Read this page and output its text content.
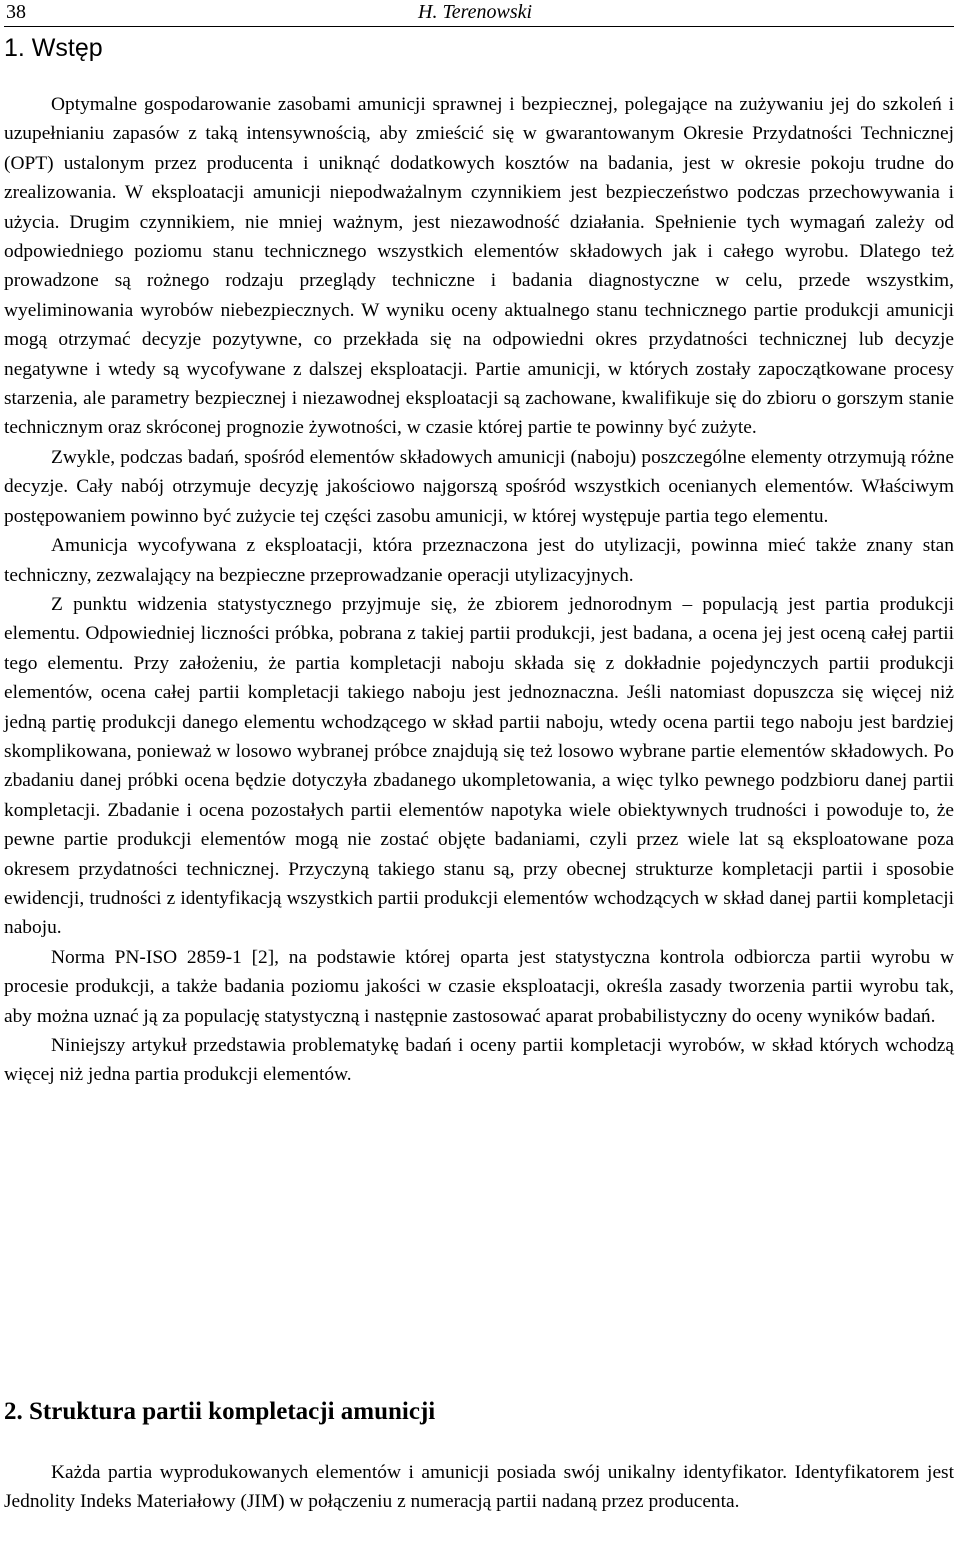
38	H. Terenowski
1. Wstęp

Optymalne gospodarowanie zasobami amunicji sprawnej i bezpiecznej, polegające na zużywaniu jej do szkoleń i uzupełnianiu zapasów z taką intensywnością, aby zmieścić się w gwarantowanym Okresie Przydatności Technicznej (OPT) ustalonym przez producenta i uniknąć dodatkowych kosztów na badania, jest w okresie pokoju trudne do zrealizowania. W eksploatacji amunicji niepodważalnym czynnikiem jest bezpieczeństwo podczas przechowywania i użycia. Drugim czynnikiem, nie mniej ważnym, jest niezawodność działania. Spełnienie tych wymagań zależy od odpowiedniego poziomu stanu technicznego wszystkich elementów składowych jak i całego wyrobu. Dlatego też prowadzone są rożnego rodzaju przeglądy techniczne i badania diagnostyczne w celu, przede wszystkim, wyeliminowania wyrobów niebezpiecznych. W wyniku oceny aktualnego stanu technicznego partie produkcji amunicji mogą otrzymać decyzje pozytywne, co przekłada się na odpowiedni okres przydatności technicznej lub decyzje negatywne i wtedy są wycofywane z dalszej eksploatacji. Partie amunicji, w których zostały zapoczątkowane procesy starzenia, ale parametry bezpiecznej i niezawodnej eksploatacji są zachowane, kwalifikuje się do zbioru o gorszym stanie technicznym oraz skróconej prognozie żywotności, w czasie której partie te powinny być zużyte.

Zwykle, podczas badań, spośród elementów składowych amunicji (naboju) poszczególne elementy otrzymują różne decyzje. Cały nabój otrzymuje decyzję jakościowo najgorszą spośród wszystkich ocenianych elementów. Właściwym postępowaniem powinno być zużycie tej części zasobu amunicji, w której występuje partia tego elementu.

Amunicja wycofywana z eksploatacji, która przeznaczona jest do utylizacji, powinna mieć także znany stan techniczny, zezwalający na bezpieczne przeprowadzanie operacji utylizacyjnych.

Z punktu widzenia statystycznego przyjmuje się, że zbiorem jednorodnym – populacją jest partia produkcji elementu. Odpowiedniej liczności próbka, pobrana z takiej partii produkcji, jest badana, a ocena jej jest oceną całej partii tego elementu. Przy założeniu, że partia kompletacji naboju składa się z dokładnie pojedynczych partii produkcji elementów, ocena całej partii kompletacji takiego naboju jest jednoznaczna. Jeśli natomiast dopuszcza się więcej niż jedną partię produkcji danego elementu wchodzącego w skład partii naboju, wtedy ocena partii tego naboju jest bardziej skomplikowana, ponieważ w losowo wybranej próbce znajdują się też losowo wybrane partie elementów składowych. Po zbadaniu danej próbki ocena będzie dotyczyła zbadanego ukompletowania, a więc tylko pewnego podzbioru danej partii kompletacji. Zbadanie i ocena pozostałych partii elementów napotyka wiele obiektywnych trudności i powoduje to, że pewne partie produkcji elementów mogą nie zostać objęte badaniami, czyli przez wiele lat są eksploatowane poza okresem przydatności technicznej. Przyczyną takiego stanu są, przy obecnej strukturze kompletacji partii i sposobie ewidencji, trudności z identyfikacją wszystkich partii produkcji elementów wchodzących w skład danej partii kompletacji naboju.

Norma PN-ISO 2859-1 [2], na podstawie której oparta jest statystyczna kontrola odbiorcza partii wyrobu w procesie produkcji, a także badania poziomu jakości w czasie eksploatacji, określa zasady tworzenia partii wyrobu tak, aby można uznać ją za populację statystyczną i następnie zastosować aparat probabilistyczny do oceny wyników badań.

Niniejszy artykuł przedstawia problematykę badań i oceny partii kompletacji wyrobów, w skład których wchodzą więcej niż jedna partia produkcji elementów.

2. Struktura partii kompletacji amunicji

Każda partia wyprodukowanych elementów i amunicji posiada swój unikalny identyfikator. Identyfikatorem jest Jednolity Indeks Materiałowy (JIM) w połączeniu z numeracją partii nadaną przez producenta.
